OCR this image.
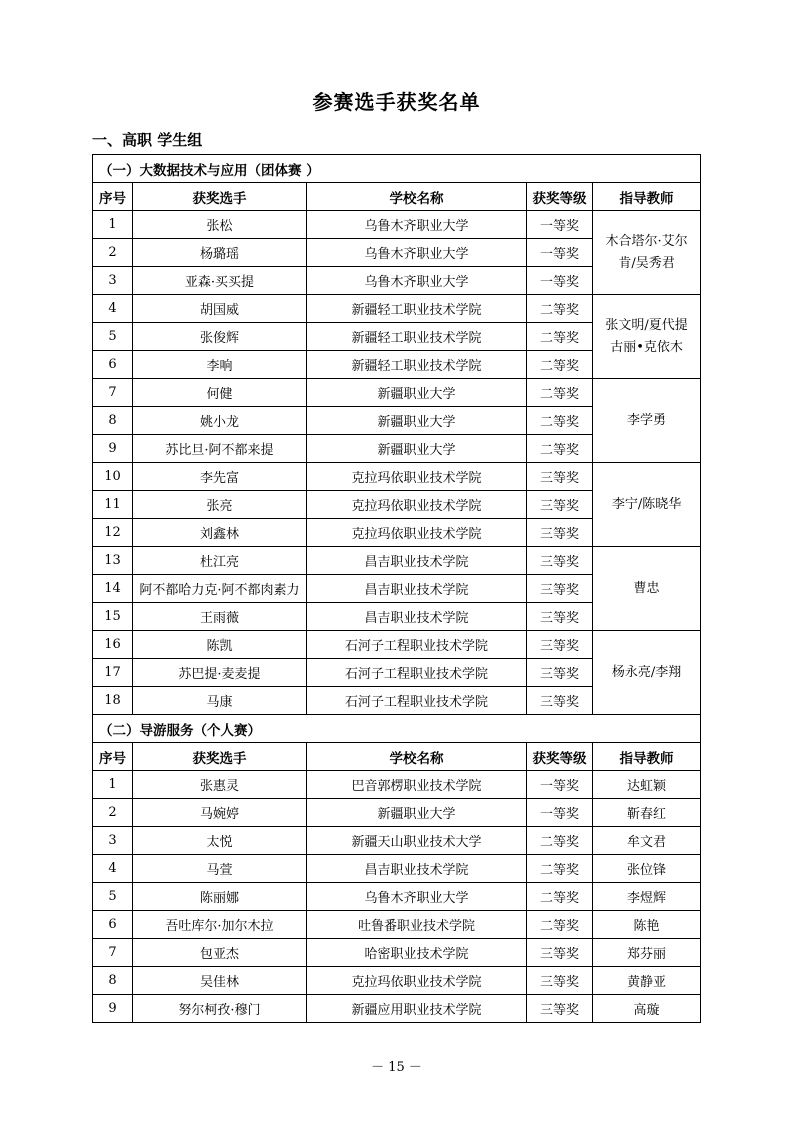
参赛选手获奖名单
一、高职 学生组
（一）大数据技术与应用（团体赛 ）				
序号	获奖选手	学校名称	获奖等级	指导教师
1	张松	乌鲁木齐职业大学	一等奖	木合塔尔·艾尔肯/吴秀君
2	杨璐瑶	乌鲁木齐职业大学	一等奖	
3	亚森·买买提	乌鲁木齐职业大学	一等奖	
4	胡国威	新疆轻工职业技术学院	二等奖	张文明/夏代提古丽•克依木
5	张俊辉	新疆轻工职业技术学院	二等奖	
6	李响	新疆轻工职业技术学院	二等奖	
7	何健	新疆职业大学	二等奖	李学勇
8	姚小龙	新疆职业大学	二等奖	
9	苏比旦·阿不都来提	新疆职业大学	二等奖	
10	李先富	克拉玛依职业技术学院	三等奖	李宁/陈晓华
11	张亮	克拉玛依职业技术学院	三等奖	
12	刘鑫林	克拉玛依职业技术学院	三等奖	
13	杜江亮	昌吉职业技术学院	三等奖	曹忠
14	阿不都哈力克·阿不都肉素力	昌吉职业技术学院	三等奖	
15	王雨薇	昌吉职业技术学院	三等奖	
16	陈凯	石河子工程职业技术学院	三等奖	杨永亮/李翔
17	苏巴提·麦麦提	石河子工程职业技术学院	三等奖	
18	马康	石河子工程职业技术学院	三等奖	
（二）导游服务（个人赛）				
序号	获奖选手	学校名称	获奖等级	指导教师
1	张惠灵	巴音郭楞职业技术学院	一等奖	达虹颖
2	马婉婷	新疆职业大学	一等奖	靳春红
3	太悦	新疆天山职业技术大学	二等奖	牟文君
4	马萱	昌吉职业技术学院	二等奖	张位锋
5	陈丽娜	乌鲁木齐职业大学	二等奖	李煜辉
6	吾吐库尔·加尔木拉	吐鲁番职业技术学院	二等奖	陈艳
7	包亚杰	哈密职业技术学院	三等奖	郑芬丽
8	吴佳林	克拉玛依职业技术学院	三等奖	黄静亚
9	努尔柯孜·穆门	新疆应用职业技术学院	三等奖	高璇
－ 15 －
